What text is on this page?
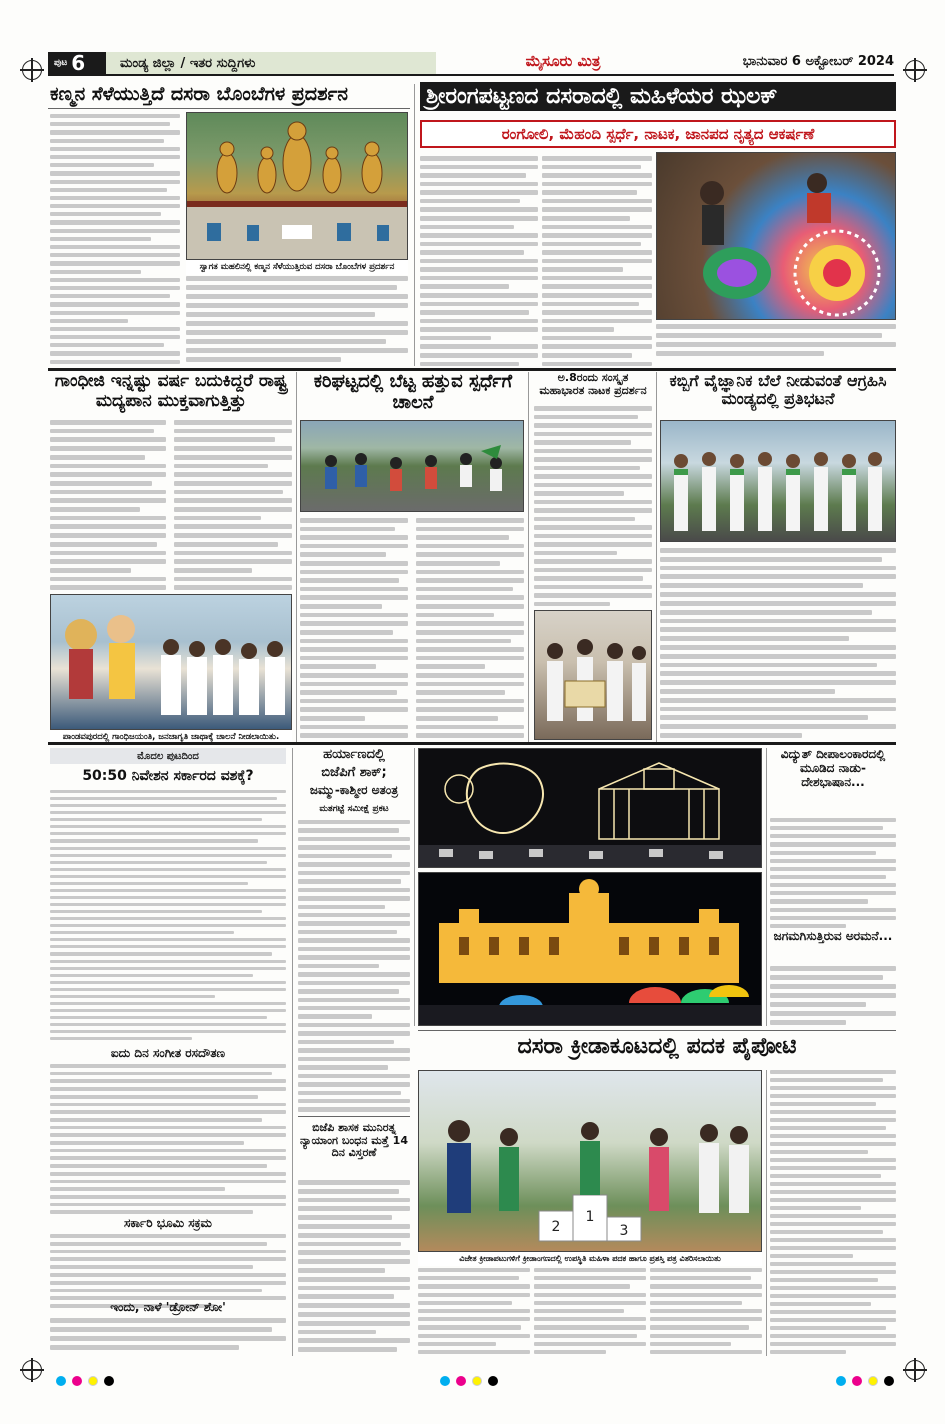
ಪುಟ 6	ಮಂಡ್ಯ ಜಿಲ್ಲಾ / ಇತರ ಸುದ್ದಿಗಳು	ಮೈಸೂರು ಮಿತ್ರ	ಭಾನುವಾರ 6 ಅಕ್ಟೋಬರ್ 2024
ಕಣ್ಮನ ಸೆಳೆಯುತ್ತಿದೆ ದಸರಾ ಬೊಂಬೆಗಳ ಪ್ರದರ್ಶನ
ಸ್ವಾಗತ ಮಹಲಿನಲ್ಲಿ ಕಣ್ಮನ ಸೆಳೆಯುತ್ತಿರುವ ದಸರಾ ಬೊಂಬೆಗಳ ಪ್ರದರ್ಶನ
ಶ್ರೀರಂಗಪಟ್ಟಣದ ದಸರಾದಲ್ಲಿ ಮಹಿಳೆಯರ ಝಲಕ್
ರಂಗೋಲಿ, ಮೆಹಂದಿ ಸ್ಪರ್ಧೆ, ನಾಟಕ, ಜಾನಪದ ನೃತ್ಯದ ಆಕರ್ಷಣೆ
ಗಾಂಧೀಜಿ ಇನ್ನಷ್ಟು ವರ್ಷ ಬದುಕಿದ್ದರೆ ರಾಷ್ಟ್ರ ಮದ್ಯಪಾನ ಮುಕ್ತವಾಗುತ್ತಿತ್ತು
ಪಾಂಡವಪುರದಲ್ಲಿ ಗಾಂಧಿಜಯಂತಿ, ಜನಜಾಗೃತಿ ಜಾಥಾಕ್ಕೆ ಚಾಲನೆ ನೀಡಲಾಯಿತು.
ಕರಿಘಟ್ಟದಲ್ಲಿ ಬೆಟ್ಟ ಹತ್ತುವ ಸ್ಪರ್ಧೆಗೆ ಚಾಲನೆ
ಅ.8ರಂದು ಸಂಸ್ಕೃತ ಮಹಾಭಾರತ ನಾಟಕ ಪ್ರದರ್ಶನ
ಕಬ್ಬಿಗೆ ವೈಜ್ಞಾನಿಕ ಬೆಲೆ ನೀಡುವಂತೆ ಆಗ್ರಹಿಸಿ ಮಂಡ್ಯದಲ್ಲಿ ಪ್ರತಿಭಟನೆ
ಮೊದಲ ಪುಟದಿಂದ
50:50 ನಿವೇಶನ ಸರ್ಕಾರದ ವಶಕ್ಕೆ?
ಐದು ದಿನ ಸಂಗೀತ ರಸದೌತಣ
ಸರ್ಕಾರಿ ಭೂಮಿ ಸಕ್ರಮ
ಇಂದು, ನಾಳೆ 'ಡ್ರೋನ್ ಶೋ'
ಹರ್ಯಾಣದಲ್ಲಿ
ಬಿಜೆಪಿಗೆ ಶಾಕ್;
ಜಮ್ಮು-ಕಾಶ್ಮೀರ ಅತಂತ್ರ
ಮತಗಟ್ಟೆ ಸಮೀಕ್ಷೆ ಪ್ರಕಟ
ಬಿಜೆಪಿ ಶಾಸಕ ಮುನಿರತ್ನ ನ್ಯಾಯಾಂಗ ಬಂಧನ ಮತ್ತೆ 14 ದಿನ ವಿಸ್ತರಣೆ
ವಿದ್ಯುತ್ ದೀಪಾಲಂಕಾರದಲ್ಲಿ ಮೂಡಿದ ನಾಡು-ದೇಶಭಾಷಾನ...
ಜಗಮಗಿಸುತ್ತಿರುವ ಅರಮನೆ...
ದಸರಾ ಕ್ರೀಡಾಕೂಟದಲ್ಲಿ ಪದಕ ಪೈಪೋಟಿ
2
1
3
ವಿಜೇತ ಕ್ರೀಡಾಪಟುಗಳಿಗೆ ಕ್ರೀಡಾಂಗಣದಲ್ಲಿ ಉಪಸ್ಥಿತಿ ಮಹಿಳಾ ಪದಕ ಹಾಗೂ ಪ್ರಶಸ್ತಿ ಪತ್ರ ವಿತರಿಸಲಾಯಿತು
